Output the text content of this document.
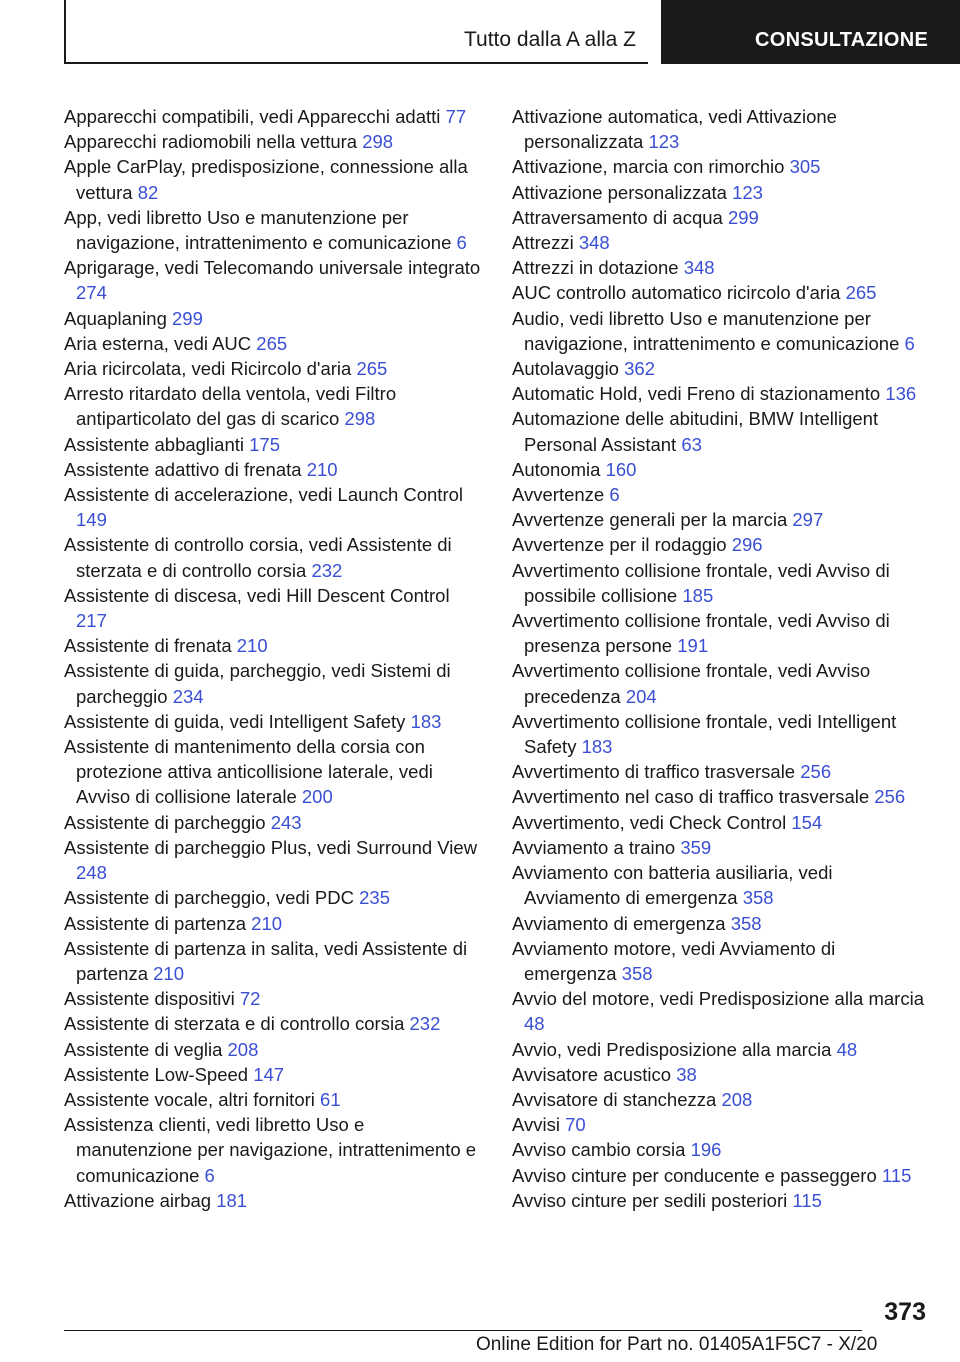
Tutto dalla A alla Z	CONSULTAZIONE
Apparecchi compatibili, vedi Apparecchi adatti 77
Apparecchi radiomobili nella vettura 298
Apple CarPlay, predisposizione, connessione alla vettura 82
App, vedi libretto Uso e manutenzione per navigazione, intrattenimento e comunicazione 6
Aprigarage, vedi Telecomando universale integrato 274
Aquaplaning 299
Aria esterna, vedi AUC 265
Aria ricircolata, vedi Ricircolo d'aria 265
Arresto ritardato della ventola, vedi Filtro antiparticolato del gas di scarico 298
Assistente abbaglianti 175
Assistente adattivo di frenata 210
Assistente di accelerazione, vedi Launch Control 149
Assistente di controllo corsia, vedi Assistente di sterzata e di controllo corsia 232
Assistente di discesa, vedi Hill Descent Control 217
Assistente di frenata 210
Assistente di guida, parcheggio, vedi Sistemi di parcheggio 234
Assistente di guida, vedi Intelligent Safety 183
Assistente di mantenimento della corsia con protezione attiva anticollisione laterale, vedi Avviso di collisione laterale 200
Assistente di parcheggio 243
Assistente di parcheggio Plus, vedi Surround View 248
Assistente di parcheggio, vedi PDC 235
Assistente di partenza 210
Assistente di partenza in salita, vedi Assistente di partenza 210
Assistente dispositivi 72
Assistente di sterzata e di controllo corsia 232
Assistente di veglia 208
Assistente Low-Speed 147
Assistente vocale, altri fornitori 61
Assistenza clienti, vedi libretto Uso e manutenzione per navigazione, intrattenimento e comunicazione 6
Attivazione airbag 181
Attivazione automatica, vedi Attivazione personalizzata 123
Attivazione, marcia con rimorchio 305
Attivazione personalizzata 123
Attraversamento di acqua 299
Attrezzi 348
Attrezzi in dotazione 348
AUC controllo automatico ricircolo d'aria 265
Audio, vedi libretto Uso e manutenzione per navigazione, intrattenimento e comunicazione 6
Autolavaggio 362
Automatic Hold, vedi Freno di stazionamento 136
Automazione delle abitudini, BMW Intelligent Personal Assistant 63
Autonomia 160
Avvertenze 6
Avvertenze generali per la marcia 297
Avvertenze per il rodaggio 296
Avvertimento collisione frontale, vedi Avviso di possibile collisione 185
Avvertimento collisione frontale, vedi Avviso di presenza persone 191
Avvertimento collisione frontale, vedi Avviso precedenza 204
Avvertimento collisione frontale, vedi Intelligent Safety 183
Avvertimento di traffico trasversale 256
Avvertimento nel caso di traffico trasversale 256
Avvertimento, vedi Check Control 154
Avviamento a traino 359
Avviamento con batteria ausiliaria, vedi Avviamento di emergenza 358
Avviamento di emergenza 358
Avviamento motore, vedi Avviamento di emergenza 358
Avvio del motore, vedi Predisposizione alla marcia 48
Avvio, vedi Predisposizione alla marcia 48
Avvisatore acustico 38
Avvisatore di stanchezza 208
Avvisi 70
Avviso cambio corsia 196
Avviso cinture per conducente e passeggero 115
Avviso cinture per sedili posteriori 115
373
Online Edition for Part no. 01405A1F5C7 - X/20
